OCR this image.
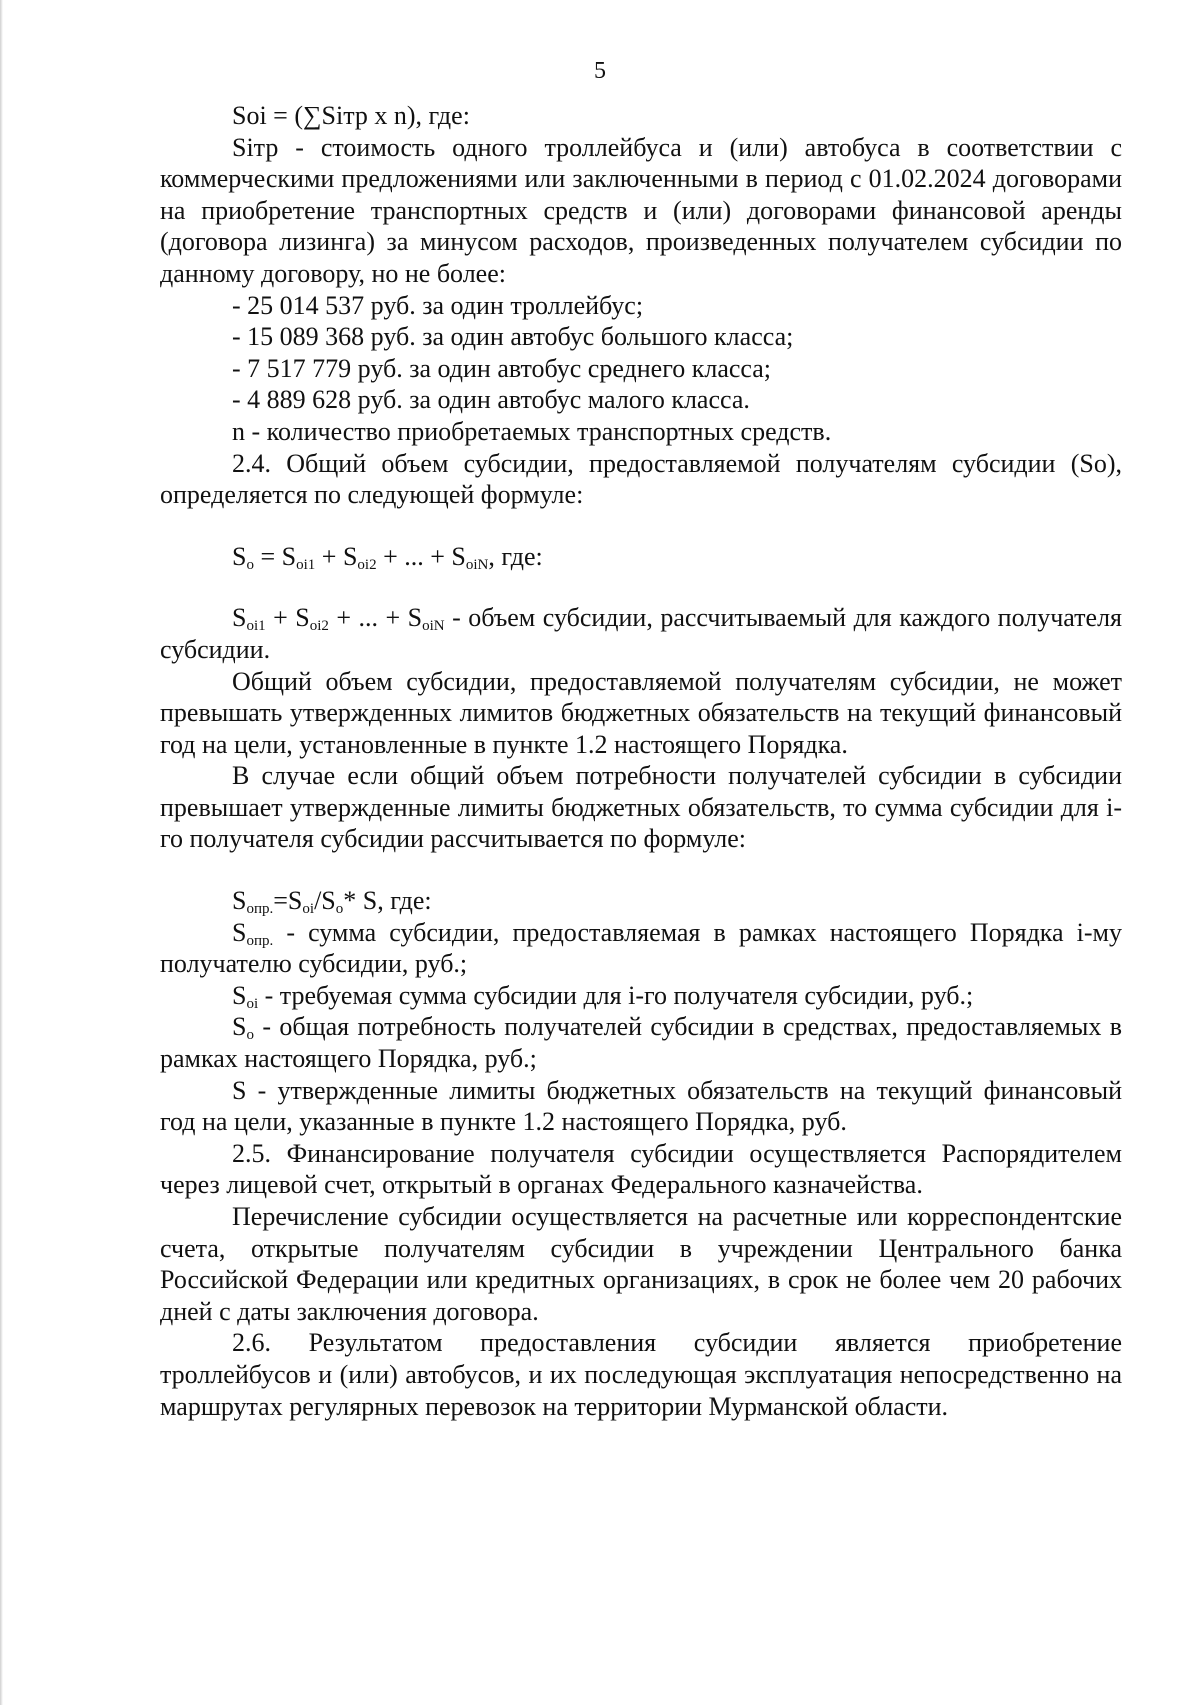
5

Soi = (∑Sітр x n), где:

Sітр - стоимость одного троллейбуса и (или) автобуса в соответствии с коммерческими предложениями или заключенными в период с 01.02.2024 договорами на приобретение транспортных средств и (или) договорами финансовой аренды (договора лизинга) за минусом расходов, произведенных получателем субсидии по данному договору, но не более:

- 25 014 537 руб. за один троллейбус;

- 15 089 368 руб. за один автобус большого класса;

- 7 517 779 руб. за один автобус среднего класса;

- 4 889 628 руб. за один автобус малого класса.

n - количество приобретаемых транспортных средств.

2.4. Общий объем субсидии, предоставляемой получателям субсидии (So), определяется по следующей формуле:

$S_o = S_{oi1} + S_{oi2}$ + ... + $S_{oiN}$, где:

$S_{oi1} + S_{oi2}$ + ... + $S_{oiN}$ - объем субсидии, рассчитываемый для каждого получателя субсидии.

Общий объем субсидии, предоставляемой получателям субсидии, не может превышать утвержденных лимитов бюджетных обязательств на текущий финансовый год на цели, установленные в пункте 1.2 настоящего Порядка.

В случае если общий объем потребности получателей субсидии в субсидии превышает утвержденные лимиты бюджетных обязательств, то сумма субсидии для і-го получателя субсидии рассчитывается по формуле:

$S_{опр.}=S_{oi}/S_o*$ S, где:

$S_{опр.}$ - сумма субсидии, предоставляемая в рамках настоящего Порядка і-му получателю субсидии, руб.;

$S_{oi}$ - требуемая сумма субсидии для і-го получателя субсидии, руб.;

$S_o$ - общая потребность получателей субсидии в средствах, предоставляемых в рамках настоящего Порядка, руб.;

S - утвержденные лимиты бюджетных обязательств на текущий финансовый год на цели, указанные в пункте 1.2 настоящего Порядка, руб.

2.5. Финансирование получателя субсидии осуществляется Распорядителем через лицевой счет, открытый в органах Федерального казначейства.

Перечисление субсидии осуществляется на расчетные или корреспондентские счета, открытые получателям субсидии в учреждении Центрального банка Российской Федерации или кредитных организациях, в срок не более чем 20 рабочих дней с даты заключения договора.

2.6. Результатом предоставления субсидии является приобретение троллейбусов и (или) автобусов, и их последующая эксплуатация непосредственно на маршрутах регулярных перевозок на территории Мурманской области.
